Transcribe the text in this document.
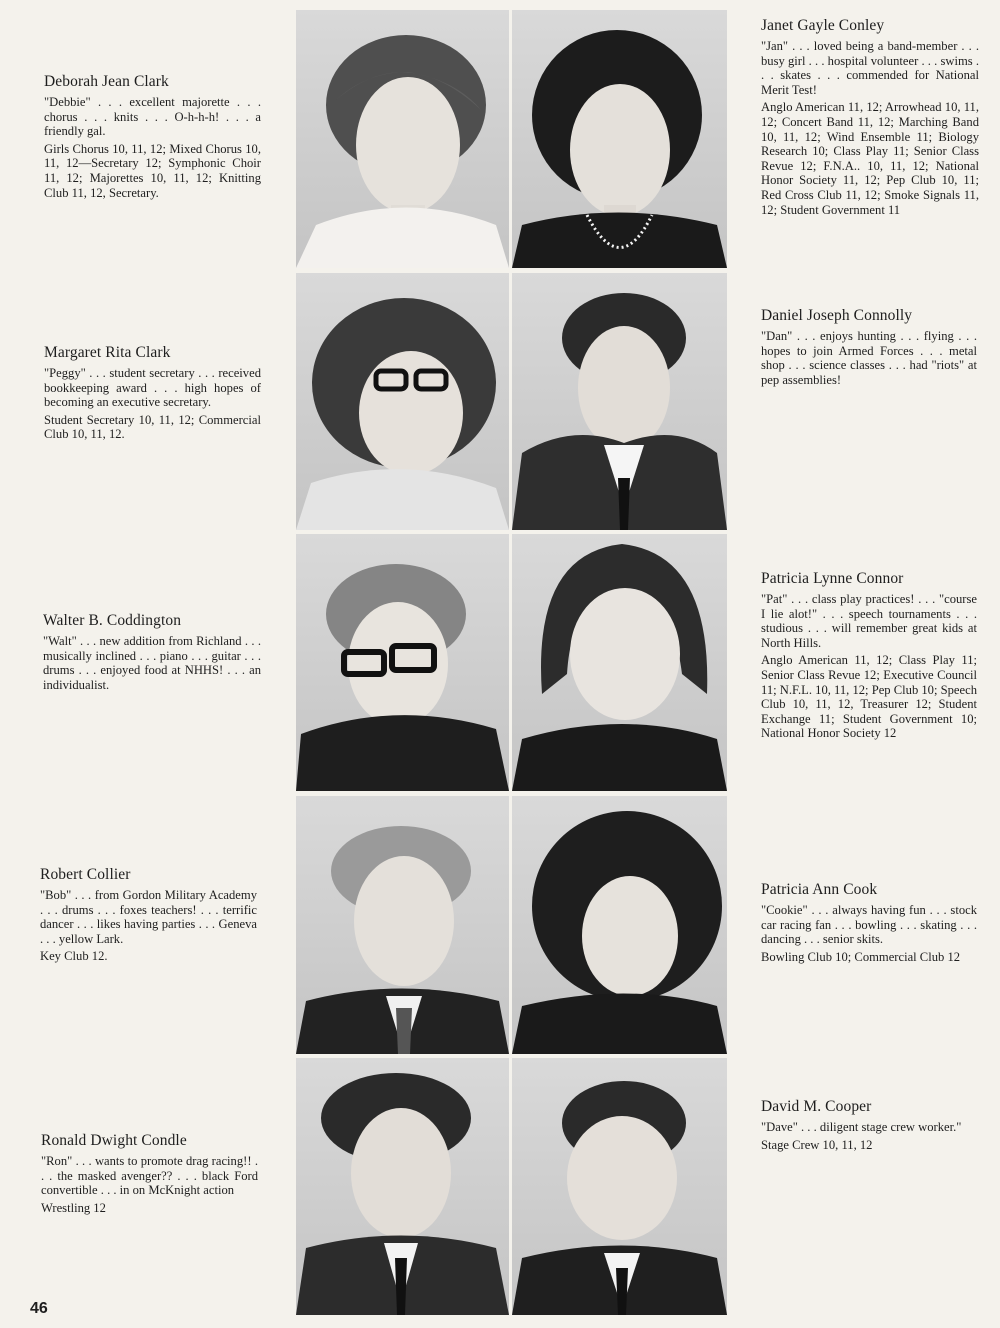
Deborah Jean Clark

"Debbie" . . . excellent majorette . . . chorus . . . knits . . . O-h-h-h! . . . a friendly gal.

Girls Chorus 10, 11, 12; Mixed Chorus 10, 11, 12—Secretary 12; Symphonic Choir 11, 12; Majorettes 10, 11, 12; Knitting Club 11, 12, Secretary.

Margaret Rita Clark

"Peggy" . . . student secretary . . . received bookkeeping award . . . high hopes of becoming an executive secretary.

Student Secretary 10, 11, 12; Commercial Club 10, 11, 12.

Walter B. Coddington

"Walt" . . . new addition from Richland . . . musically inclined . . . piano . . . guitar . . . drums . . . enjoyed food at NHHS! . . . an individualist.

Robert Collier

"Bob" . . . from Gordon Military Academy . . . drums . . . foxes teachers! . . . terrific dancer . . . likes having parties . . . Geneva . . . yellow Lark.

Key Club 12.

Ronald Dwight Condle

"Ron" . . . wants to promote drag racing!! . . . the masked avenger?? . . . black Ford convertible . . . in on McKnight action

Wrestling 12

Janet Gayle Conley

"Jan" . . . loved being a band-member . . . busy girl . . . hospital volunteer . . . swims . . . skates . . . commended for National Merit Test!

Anglo American 11, 12; Arrowhead 10, 11, 12; Concert Band 11, 12; Marching Band 10, 11, 12; Wind Ensemble 11; Biology Research 10; Class Play 11; Senior Class Revue 12; F.N.A.. 10, 11, 12; National Honor Society 11, 12; Pep Club 10, 11; Red Cross Club 11, 12; Smoke Signals 11, 12; Student Government 11

Daniel Joseph Connolly

"Dan" . . . enjoys hunting . . . flying . . . hopes to join Armed Forces . . . metal shop . . . science classes . . . had "riots" at pep assemblies!

Patricia Lynne Connor

"Pat" . . . class play practices! . . . "course I lie alot!" . . . speech tournaments . . . studious . . . will remember great kids at North Hills.

Anglo American 11, 12; Class Play 11; Senior Class Revue 12; Executive Council 11; N.F.L. 10, 11, 12; Pep Club 10; Speech Club 10, 11, 12, Treasurer 12; Student Exchange 11; Student Government 10; National Honor Society 12

Patricia Ann Cook

"Cookie" . . . always having fun . . . stock car racing fan . . . bowling . . . skating . . . dancing . . . senior skits.

Bowling Club 10; Commercial Club 12

David M. Cooper

"Dave" . . . diligent stage crew worker."

Stage Crew 10, 11, 12

46
